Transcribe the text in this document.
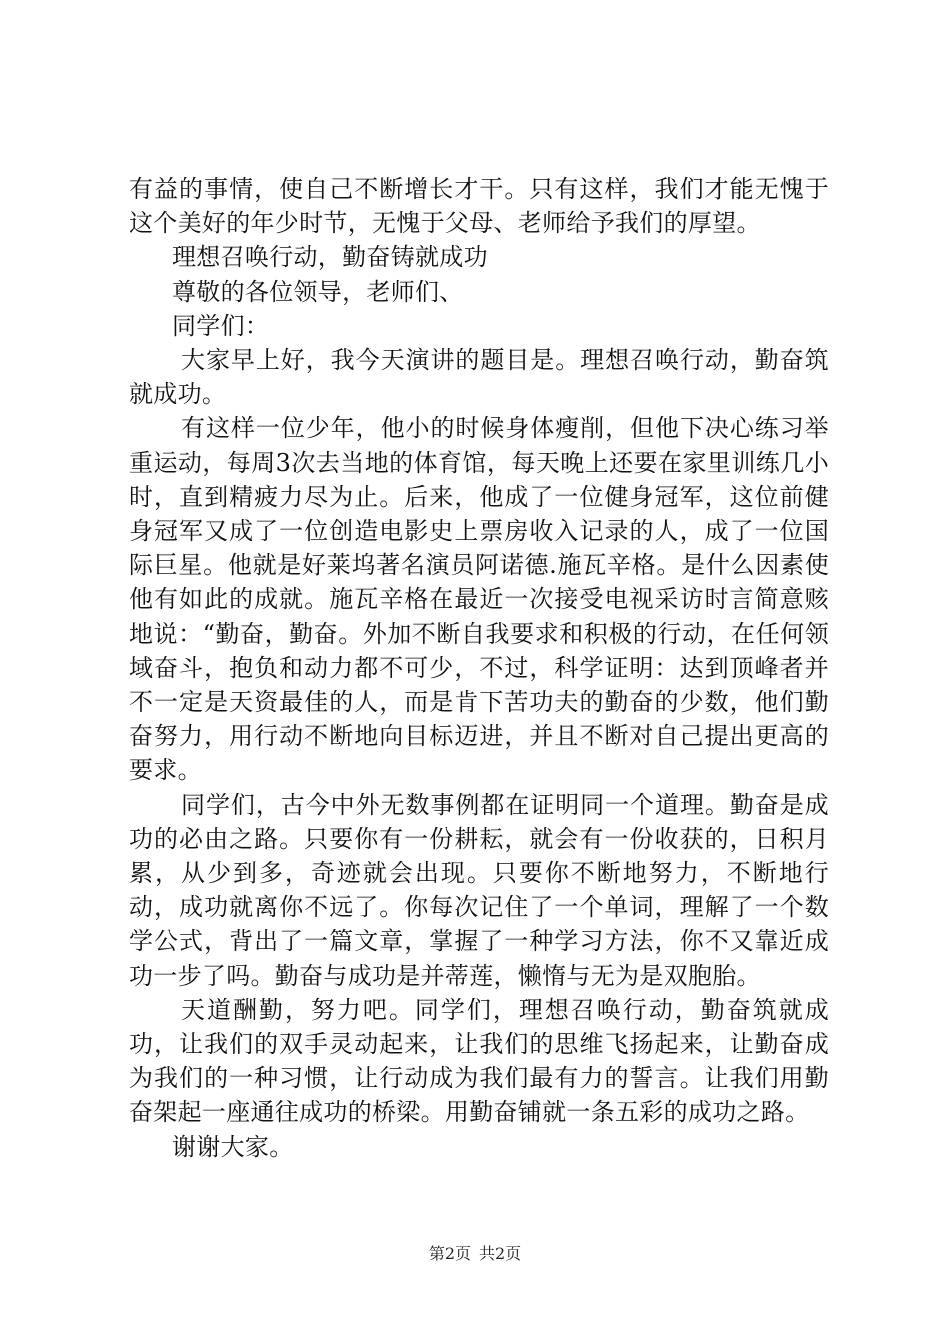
有益的事情，使自己不断增长才干。只有这样，我们才能无愧于这个美好的年少时节，无愧于父母、老师给予我们的厚望。

理想召唤行动，勤奋铸就成功

尊敬的各位领导，老师们、

同学们：

大家早上好，我今天演讲的题目是。理想召唤行动，勤奋筑就成功。

有这样一位少年，他小的时候身体瘦削，但他下决心练习举重运动，每周3次去当地的体育馆，每天晚上还要在家里训练几小时，直到精疲力尽为止。后来，他成了一位健身冠军，这位前健身冠军又成了一位创造电影史上票房收入记录的人，成了一位国际巨星。他就是好莱坞著名演员阿诺德.施瓦辛格。是什么因素使他有如此的成就。施瓦辛格在最近一次接受电视采访时言简意赅地说：“勤奋，勤奋。外加不断自我要求和积极的行动，在任何领域奋斗，抱负和动力都不可少，不过，科学证明：达到顶峰者并不一定是天资最佳的人，而是肯下苦功夫的勤奋的少数，他们勤奋努力，用行动不断地向目标迈进，并且不断对自己提出更高的要求。

同学们，古今中外无数事例都在证明同一个道理。勤奋是成功的必由之路。只要你有一份耕耘，就会有一份收获的，日积月累，从少到多，奇迹就会出现。只要你不断地努力，不断地行动，成功就离你不远了。你每次记住了一个单词，理解了一个数学公式，背出了一篇文章，掌握了一种学习方法，你不又靠近成功一步了吗。勤奋与成功是并蒂莲，懒惰与无为是双胞胎。

天道酬勤，努力吧。同学们，理想召唤行动，勤奋筑就成功，让我们的双手灵动起来，让我们的思维飞扬起来，让勤奋成为我们的一种习惯，让行动成为我们最有力的誓言。让我们用勤奋架起一座通往成功的桥梁。用勤奋铺就一条五彩的成功之路。

谢谢大家。

第2页 共2页
